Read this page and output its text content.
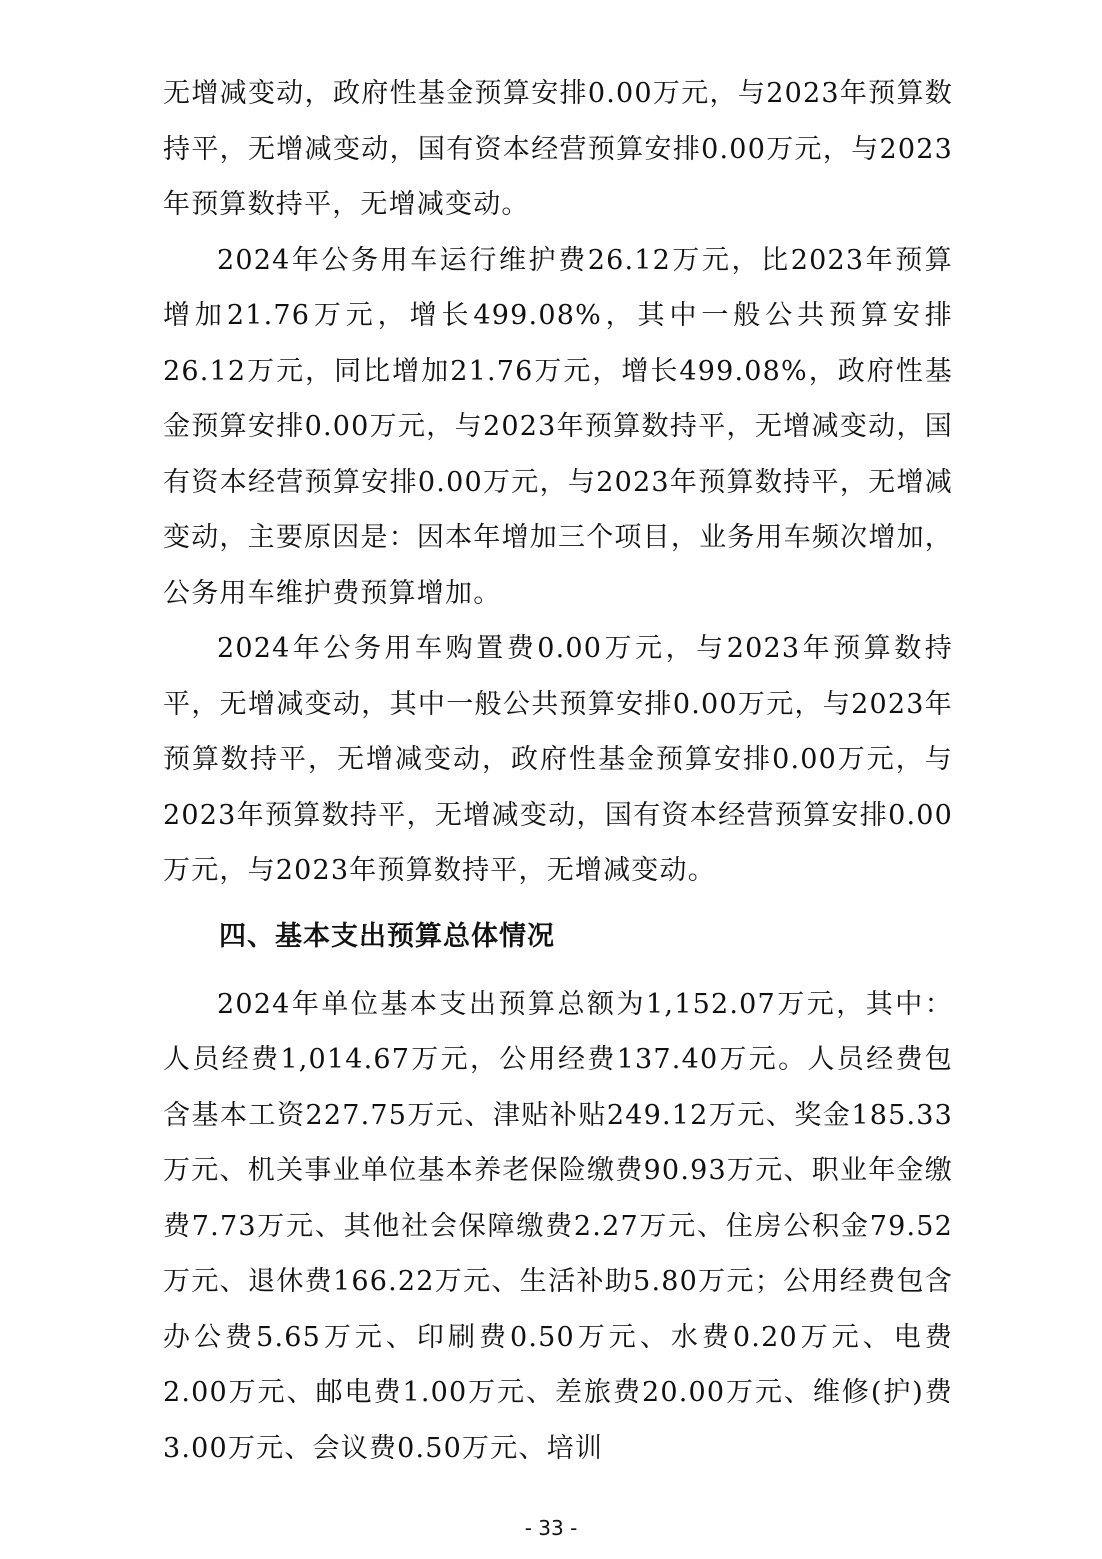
无增减变动，政府性基金预算安排0.00万元，与2023年预算数持平，无增减变动，国有资本经营预算安排0.00万元，与2023年预算数持平，无增减变动。

2024年公务用车运行维护费26.12万元，比2023年预算增加21.76万元，增长499.08%，其中一般公共预算安排26.12万元，同比增加21.76万元，增长499.08%，政府性基金预算安排0.00万元，与2023年预算数持平，无增减变动，国有资本经营预算安排0.00万元，与2023年预算数持平，无增减变动，主要原因是：因本年增加三个项目，业务用车频次增加，公务用车维护费预算增加。

2024年公务用车购置费0.00万元，与2023年预算数持平，无增减变动，其中一般公共预算安排0.00万元，与2023年预算数持平，无增减变动，政府性基金预算安排0.00万元，与2023年预算数持平，无增减变动，国有资本经营预算安排0.00万元，与2023年预算数持平，无增减变动。

四、基本支出预算总体情况

2024年单位基本支出预算总额为1,152.07万元，其中：人员经费1,014.67万元，公用经费137.40万元。人员经费包含基本工资227.75万元、津贴补贴249.12万元、奖金185.33万元、机关事业单位基本养老保险缴费90.93万元、职业年金缴费7.73万元、其他社会保障缴费2.27万元、住房公积金79.52万元、退休费166.22万元、生活补助5.80万元；公用经费包含办公费5.65万元、印刷费0.50万元、水费0.20万元、电费2.00万元、邮电费1.00万元、差旅费20.00万元、维修(护)费3.00万元、会议费0.50万元、培训

- 33 -
